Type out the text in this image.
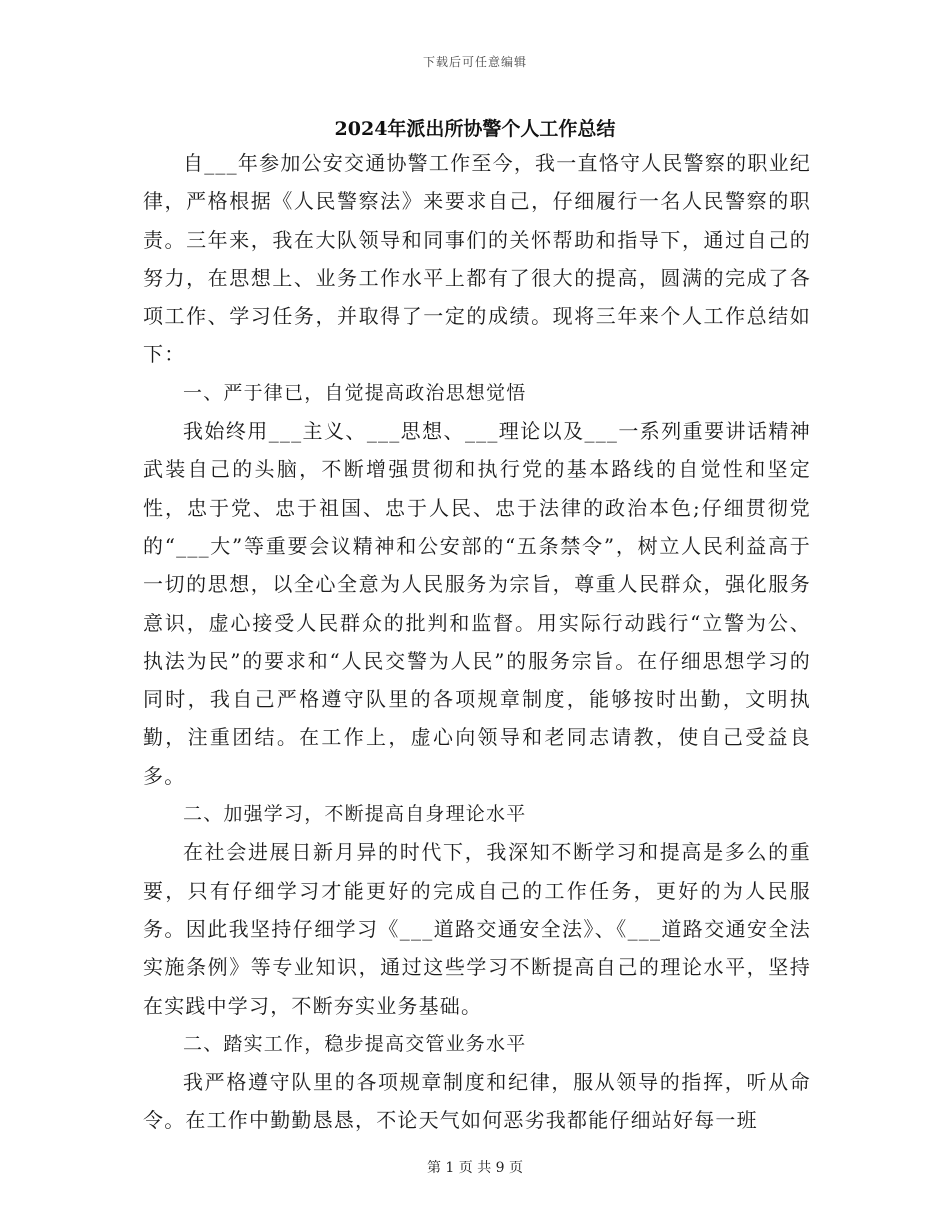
下载后可任意编辑
2024年派出所协警个人工作总结

自___年参加公安交通协警工作至今，我一直恪守人民警察的职业纪律，严格根据《人民警察法》来要求自己，仔细履行一名人民警察的职责。三年来，我在大队领导和同事们的关怀帮助和指导下，通过自己的努力，在思想上、业务工作水平上都有了很大的提高，圆满的完成了各项工作、学习任务，并取得了一定的成绩。现将三年来个人工作总结如下：

一、严于律已，自觉提高政治思想觉悟

我始终用___主义、___思想、___理论以及___一系列重要讲话精神武装自己的头脑，不断增强贯彻和执行党的基本路线的自觉性和坚定性，忠于党、忠于祖国、忠于人民、忠于法律的政治本色;仔细贯彻党的“___大”等重要会议精神和公安部的“五条禁令”，树立人民利益高于一切的思想，以全心全意为人民服务为宗旨，尊重人民群众，强化服务意识，虚心接受人民群众的批判和监督。用实际行动践行“立警为公、执法为民”的要求和“人民交警为人民”的服务宗旨。在仔细思想学习的同时，我自己严格遵守队里的各项规章制度，能够按时出勤，文明执勤，注重团结。在工作上，虚心向领导和老同志请教，使自己受益良多。

二、加强学习，不断提高自身理论水平

在社会进展日新月异的时代下，我深知不断学习和提高是多么的重要，只有仔细学习才能更好的完成自己的工作任务，更好的为人民服务。因此我坚持仔细学习《___道路交通安全法》、《___道路交通安全法实施条例》等专业知识，通过这些学习不断提高自己的理论水平，坚持在实践中学习，不断夯实业务基础。

二、踏实工作，稳步提高交管业务水平

我严格遵守队里的各项规章制度和纪律，服从领导的指挥，听从命令。在工作中勤勤恳恳，不论天气如何恶劣我都能仔细站好每一班

第 1 页 共 9 页
